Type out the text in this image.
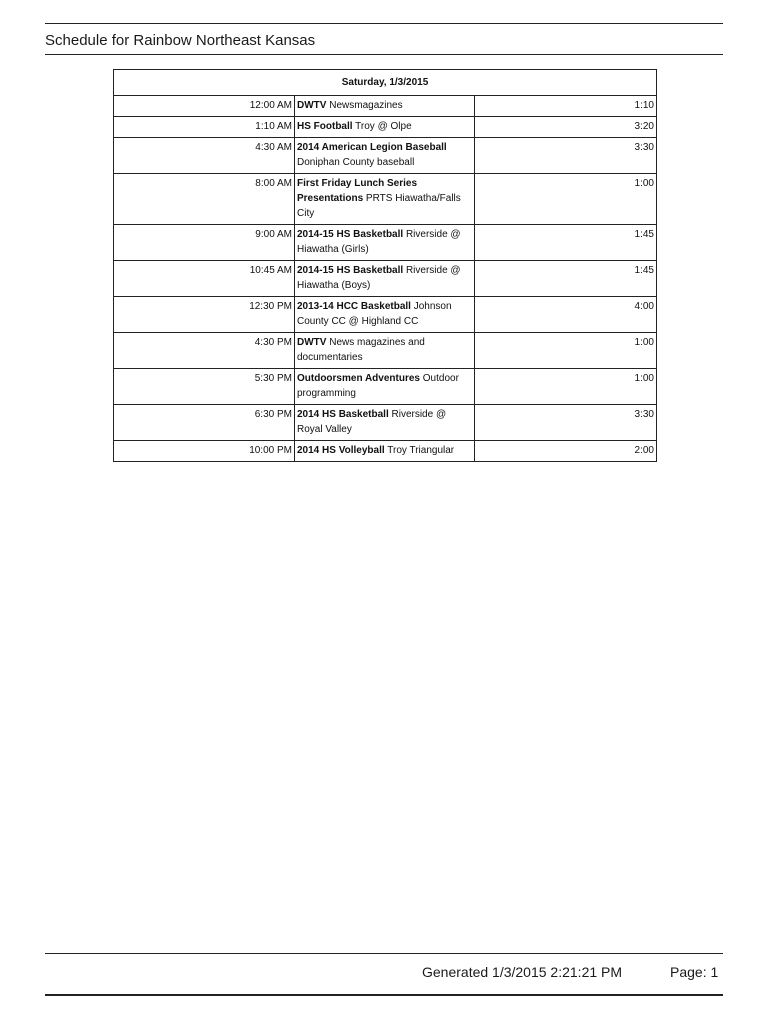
Schedule for Rainbow Northeast Kansas
Saturday, 1/3/2015		
12:00 AM	DWTV Newsmagazines	1:10
1:10 AM	HS Football Troy @ Olpe	3:20
4:30 AM	2014 American Legion Baseball Doniphan County baseball	3:30
8:00 AM	First Friday Lunch Series Presentations PRTS Hiawatha/Falls City	1:00
9:00 AM	2014-15 HS Basketball Riverside @ Hiawatha (Girls)	1:45
10:45 AM	2014-15 HS Basketball Riverside @ Hiawatha (Boys)	1:45
12:30 PM	2013-14 HCC Basketball Johnson County CC @ Highland CC	4:00
4:30 PM	DWTV News magazines and documentaries	1:00
5:30 PM	Outdoorsmen Adventures Outdoor programming	1:00
6:30 PM	2014 HS Basketball Riverside @ Royal Valley	3:30
10:00 PM	2014 HS Volleyball Troy Triangular	2:00
Generated 1/3/2015 2:21:21 PM	Page: 1
